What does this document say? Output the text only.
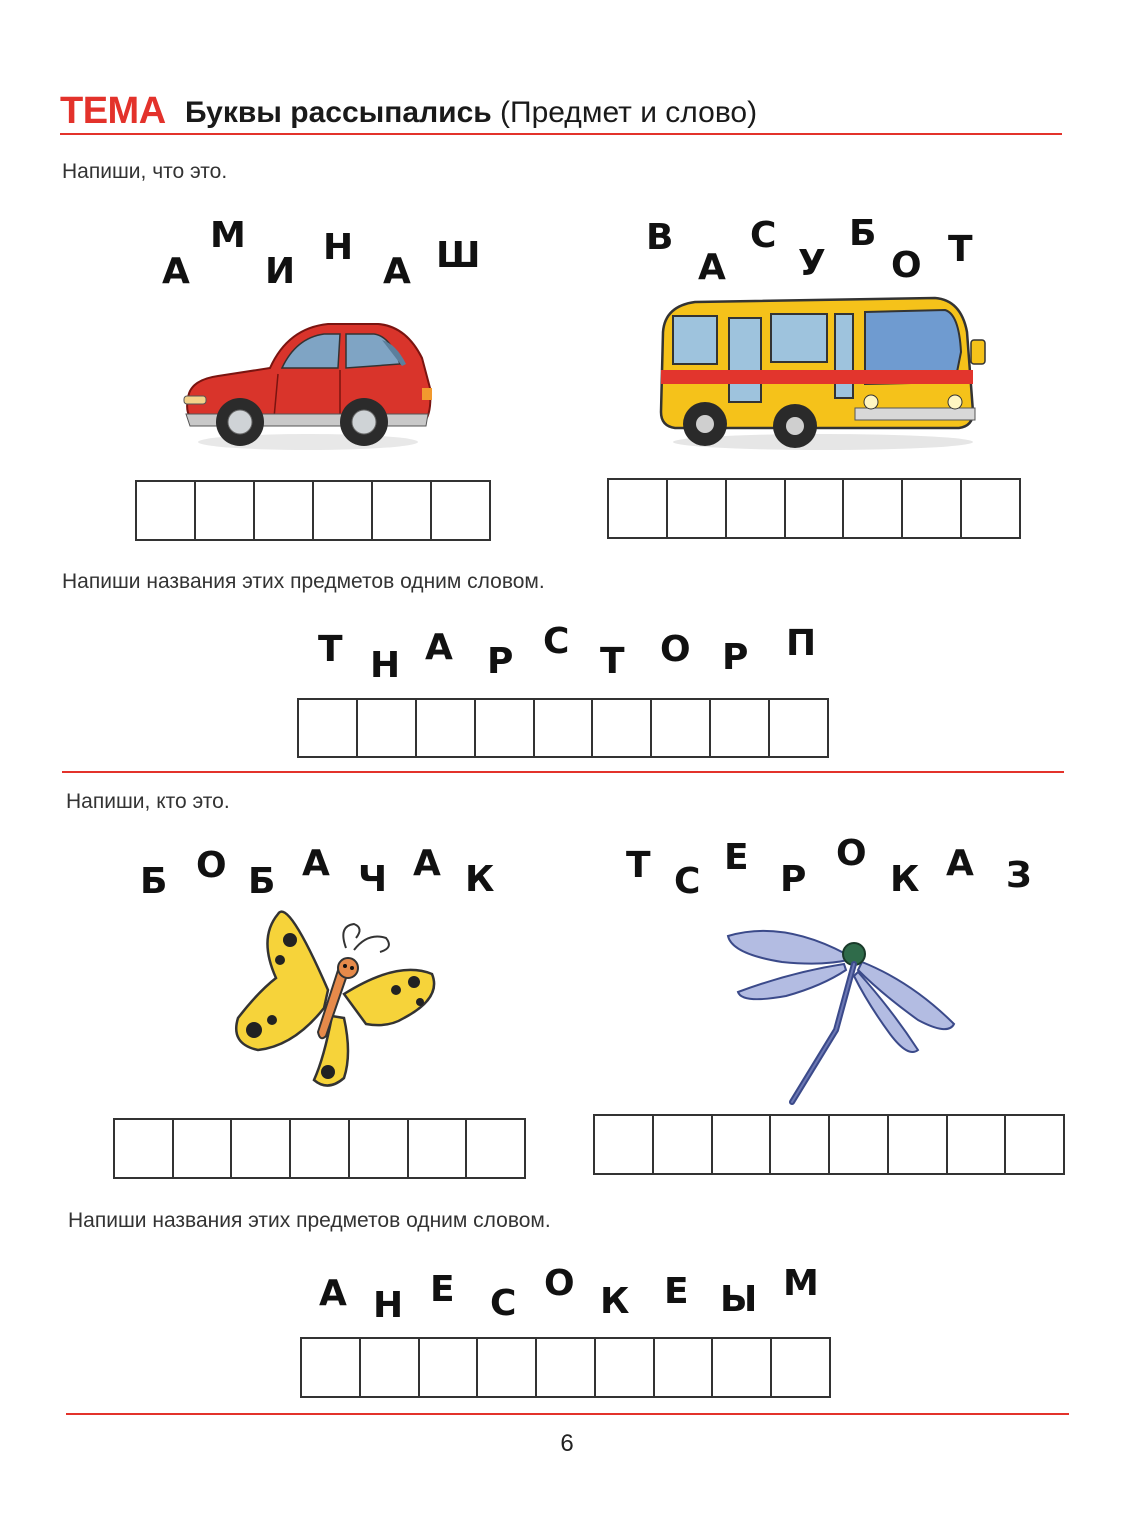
ТЕМА Буквы рассыпались (Предмет и слово)
Напиши, что это.
А
М
И
Н
А Ш	В
А
С
У
Б
О Т
Напиши названия этих предметов одним словом.
Т Н А Р С Т О Р П
Напиши, кто это.
Б О Б А Ч А К	Т С
Е
Р
О
К А З
Напиши названия этих предметов одним словом.
А Н Е С О К Е Ы М
6
